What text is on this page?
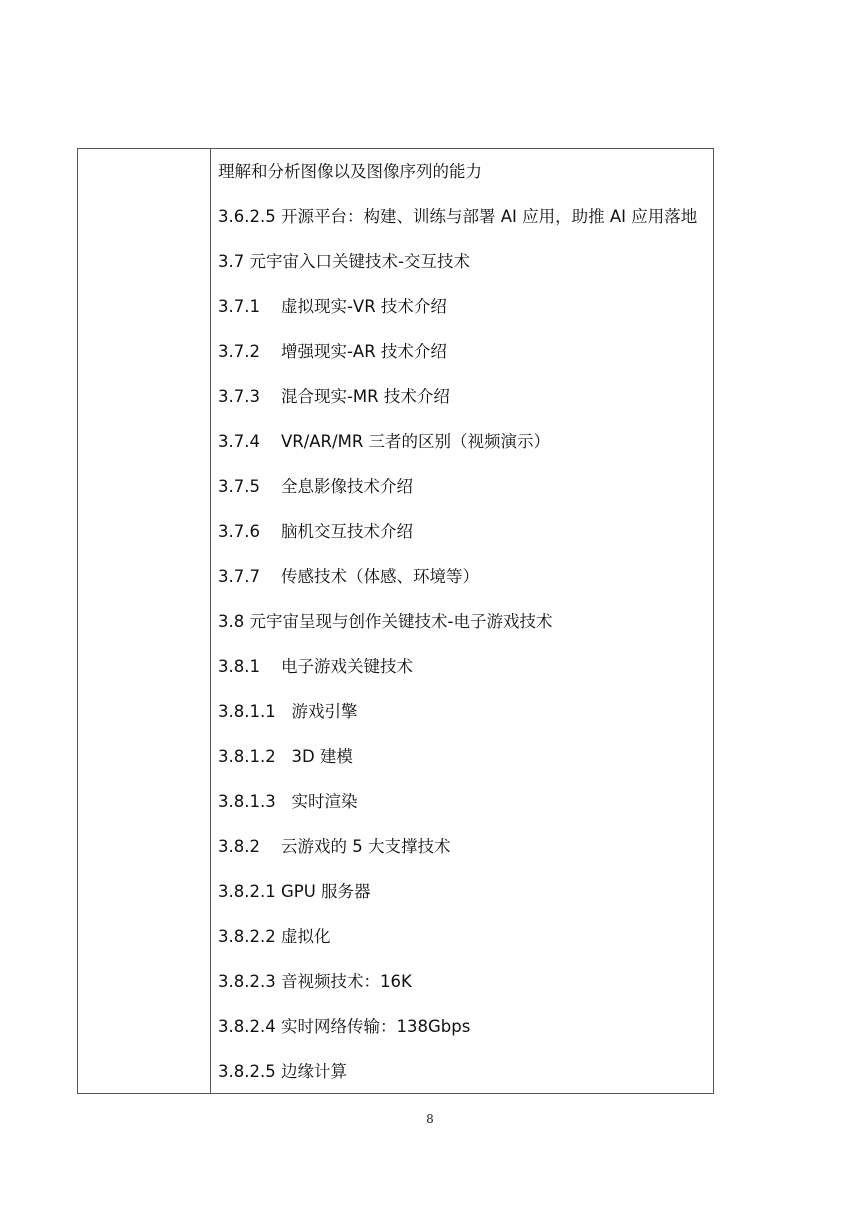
理解和分析图像以及图像序列的能力
3.6.2.5 开源平台：构建、训练与部署 AI 应用，助推 AI 应用落地
3.7 元宇宙入口关键技术-交互技术
3.7.1    虚拟现实-VR 技术介绍
3.7.2    增强现实-AR 技术介绍
3.7.3    混合现实-MR 技术介绍
3.7.4    VR/AR/MR 三者的区别（视频演示）
3.7.5    全息影像技术介绍
3.7.6    脑机交互技术介绍
3.7.7    传感技术（体感、环境等）
3.8 元宇宙呈现与创作关键技术-电子游戏技术
3.8.1    电子游戏关键技术
3.8.1.1   游戏引擎
3.8.1.2   3D 建模
3.8.1.3   实时渲染
3.8.2    云游戏的 5 大支撑技术
3.8.2.1 GPU 服务器
3.8.2.2 虚拟化
3.8.2.3 音视频技术：16K
3.8.2.4 实时网络传输：138Gbps
3.8.2.5 边缘计算
8
